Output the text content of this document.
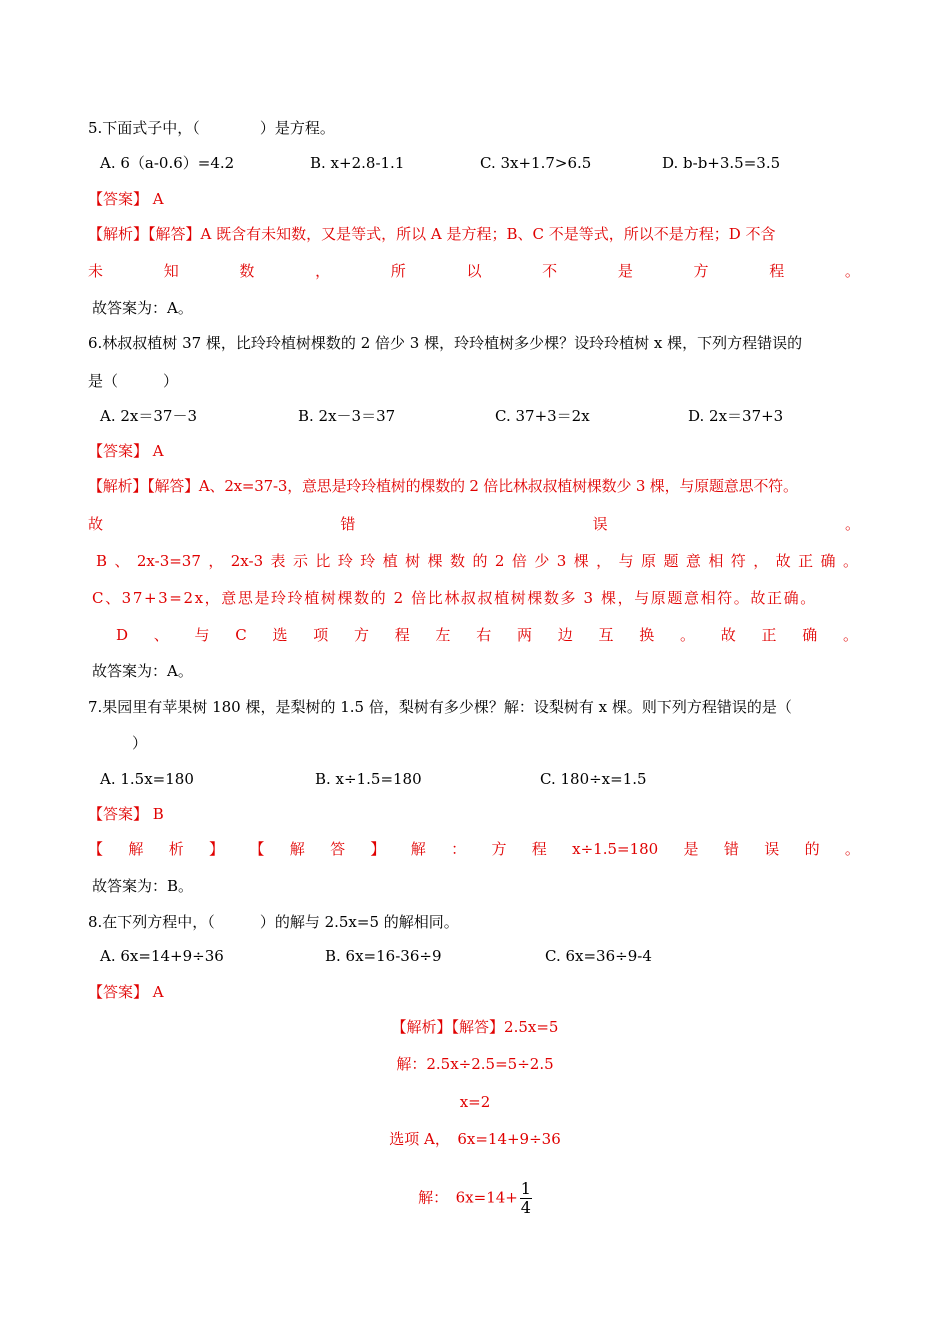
5.下面式子中，（　　　　）是方程。
A. 6（a-0.6）=4.2	B. x+2.8-1.1	C. 3x+1.7>6.5	D. b-b+3.5=3.5
【答案】 A
【解析】【解答】A 既含有未知数，又是等式，所以 A 是方程；B、C 不是等式，所以不是方程；D 不含
未	知	数	，	所	以	不	是	方	程	。
故答案为：A。
6.林叔叔植树 37 棵，比玲玲植树棵数的 2 倍少 3 棵，玲玲植树多少棵？设玲玲植树 x 棵，下列方程错误的
是（　　　）
A. 2x＝37－3	B. 2x－3＝37	C. 37+3＝2x	D. 2x＝37+3
【答案】 A
【解析】【解答】A、2x=37-3，意思是玲玲植树的棵数的 2 倍比林叔叔植树棵数少 3 棵，与原题意思不符。
故	错	误	。
B 、 2x-3=37 ， 2x-3 表 示 比 玲 玲 植 树 棵 数 的 2 倍 少 3 棵 ， 与 原 题 意 相 符 ， 故 正 确 。
C、37+3=2x，意思是玲玲植树棵数的 2 倍比林叔叔植树棵数多 3 棵，与原题意相符。故正确。
D 、 与 C 选 项 方 程 左 右 两 边 互 换 。 故 正 确 。
故答案为：A。
7.果园里有苹果树 180 棵，是梨树的 1.5 倍，梨树有多少棵？解：设梨树有 x 棵。则下列方程错误的是（
）
A. 1.5x=180	B. x÷1.5=180	C. 180÷x=1.5
【答案】 B
【 解 析 】 【 解 答 】 解 ： 方 程 x÷1.5=180 是 错 误 的 。
故答案为：B。
8.在下列方程中，（　　　）的解与 2.5x=5 的解相同。
A. 6x=14+9÷36	B. 6x=16-36÷9	C. 6x=36÷9-4
【答案】 A
【解析】【解答】2.5x=5
解：2.5x÷2.5=5÷2.5
x=2
选项 A，　6x=14+9÷36
解：　$6x=14+ \frac{1}{4}$
